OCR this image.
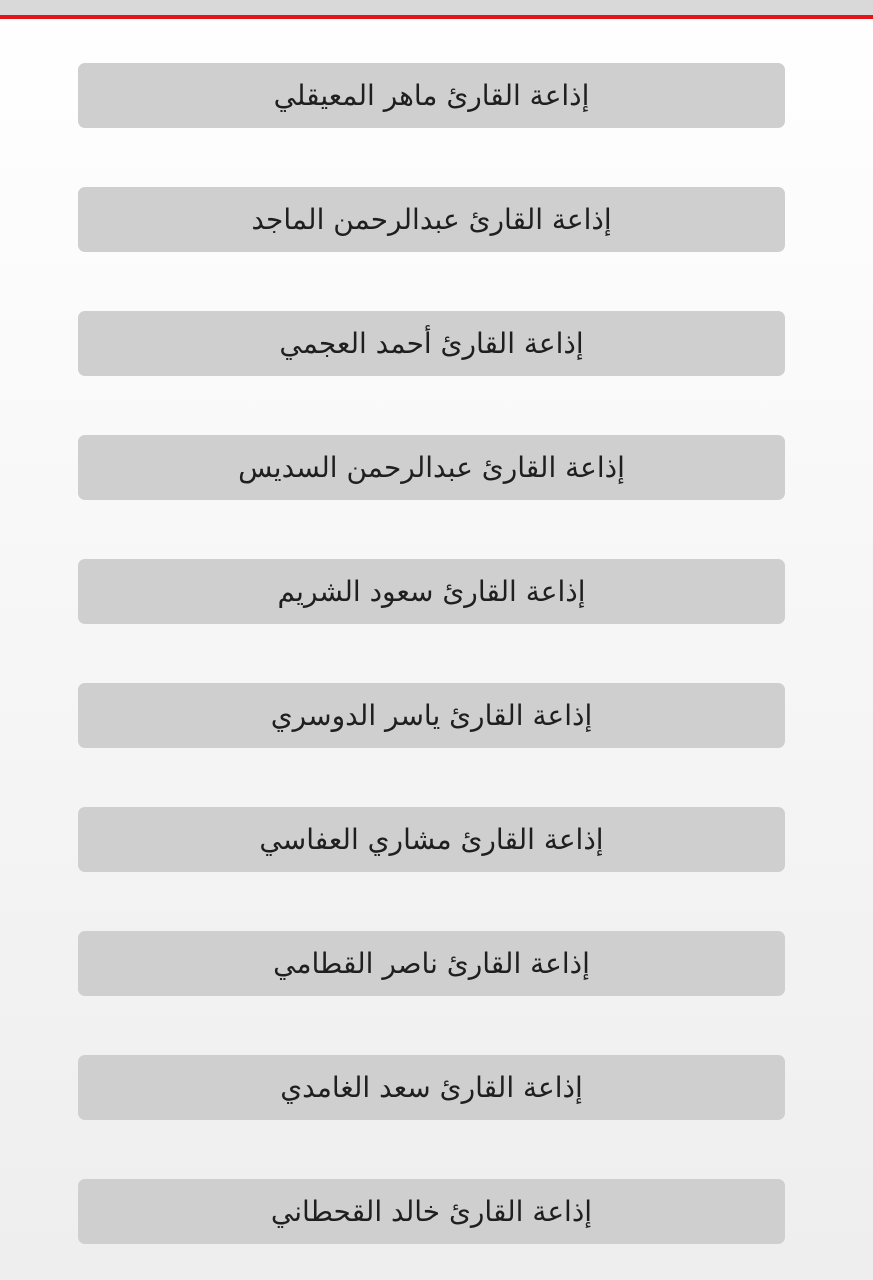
إذاعة القارئ ماهر المعيقلي
إذاعة القارئ عبدالرحمن الماجد
إذاعة القارئ أحمد العجمي
إذاعة القارئ عبدالرحمن السديس
إذاعة القارئ سعود الشريم
إذاعة القارئ ياسر الدوسري
إذاعة القارئ مشاري العفاسي
إذاعة القارئ ناصر القطامي
إذاعة القارئ سعد الغامدي
إذاعة القارئ خالد القحطاني
